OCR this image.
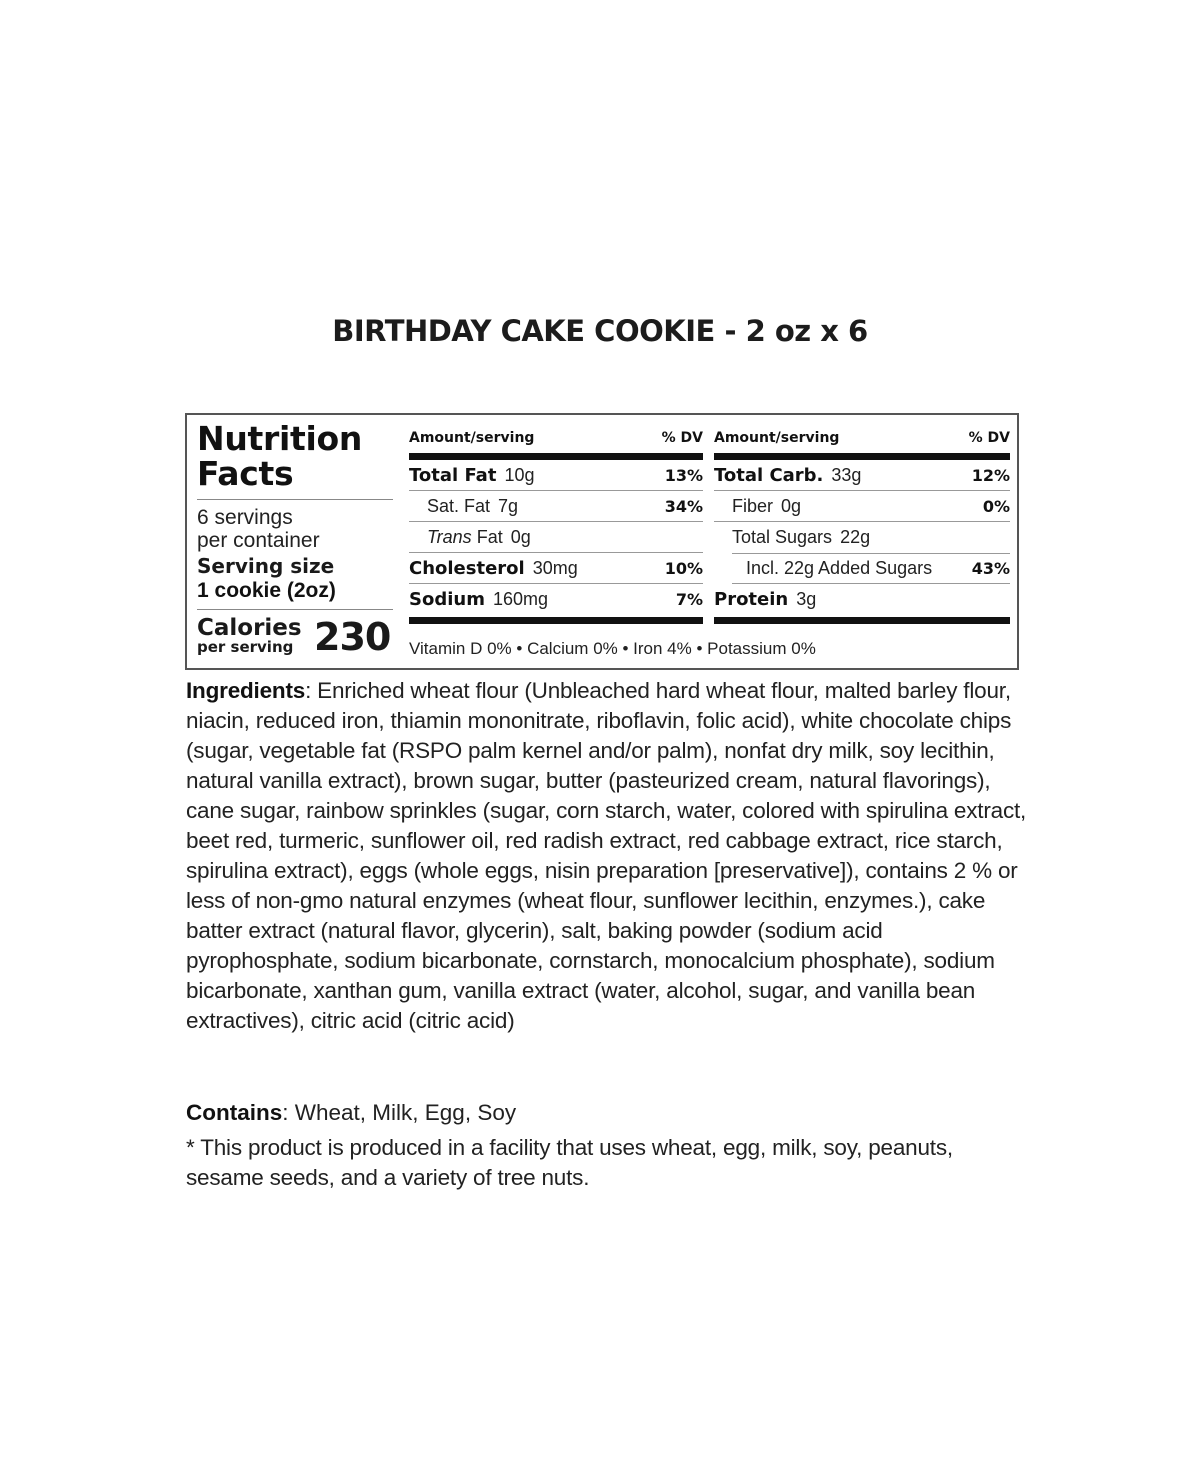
BIRTHDAY CAKE COOKIE - 2 oz x 6
Nutrition
Facts
6 servings
per container
Serving size
1 cookie (2oz)
Calories
per serving 230
Amount/serving	% DV
Total Fat 10g	13%
Sat. Fat 7g	34%
Trans Fat 0g
Cholesterol 30mg	10%
Sodium 160mg	7%
Amount/serving	% DV
Total Carb. 33g	12%
Fiber 0g	0%
Total Sugars 22g
Incl. 22g Added Sugars 43%
Protein 3g
Vitamin D 0% • Calcium 0% • Iron 4% • Potassium 0%
Ingredients: Enriched wheat flour (Unbleached hard wheat flour, malted barley flour, niacin, reduced iron, thiamin mononitrate, riboflavin, folic acid), white chocolate chips (sugar, vegetable fat (RSPO palm kernel and/or palm), nonfat dry milk, soy lecithin, natural vanilla extract), brown sugar, butter (pasteurized cream, natural flavorings), cane sugar, rainbow sprinkles (sugar, corn starch, water, colored with spirulina extract, beet red, turmeric, sunflower oil, red radish extract, red cabbage extract, rice starch, spirulina extract), eggs (whole eggs, nisin preparation [preservative]), contains 2 % or less of non-gmo natural enzymes (wheat flour, sunflower lecithin, enzymes.), cake batter extract (natural flavor, glycerin), salt, baking powder (sodium acid pyrophosphate, sodium bicarbonate, cornstarch, monocalcium phosphate), sodium bicarbonate, xanthan gum, vanilla extract (water, alcohol, sugar, and vanilla bean extractives), citric acid (citric acid)
Contains: Wheat, Milk, Egg, Soy
* This product is produced in a facility that uses wheat, egg, milk, soy, peanuts, sesame seeds, and a variety of tree nuts.
